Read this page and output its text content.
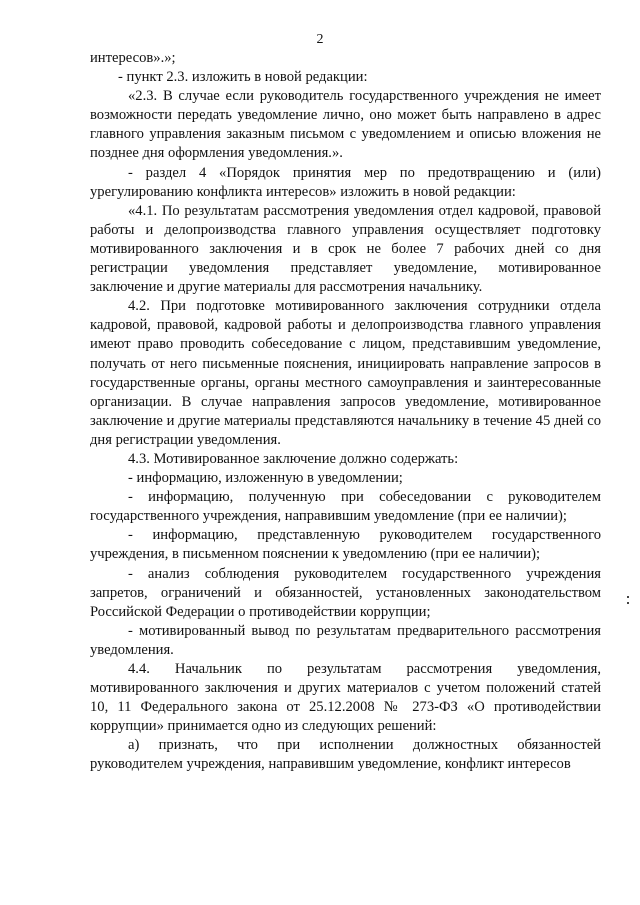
2

интересов».»;

- пункт 2.3. изложить в новой редакции:

«2.3. В случае если руководитель государственного учреждения не имеет возможности передать уведомление лично, оно может быть направлено в адрес главного управления заказным письмом с уведомлением и описью вложения не позднее дня оформления уведомления.».

- раздел 4 «Порядок принятия мер по предотвращению и (или) урегулированию конфликта интересов» изложить в новой редакции:

«4.1. По результатам рассмотрения уведомления отдел кадровой, правовой работы и делопроизводства главного управления осуществляет подготовку мотивированного заключения и в срок не более 7 рабочих дней со дня регистрации уведомления представляет уведомление, мотивированное заключение и другие материалы для рассмотрения начальнику.

4.2. При подготовке мотивированного заключения сотрудники отдела кадровой, правовой, кадровой работы и делопроизводства главного управления имеют право проводить собеседование с лицом, представившим уведомление, получать от него письменные пояснения, инициировать направление запросов в государственные органы, органы местного самоуправления и заинтересованные организации. В случае направления запросов уведомление, мотивированное заключение и другие материалы представляются начальнику в течение 45 дней со дня регистрации уведомления.

4.3. Мотивированное заключение должно содержать:

- информацию, изложенную в уведомлении;

- информацию, полученную при собеседовании с руководителем государственного учреждения, направившим уведомление (при ее наличии);

- информацию, представленную руководителем государственного учреждения, в письменном пояснении к уведомлению (при ее наличии);

- анализ соблюдения руководителем государственного учреждения запретов, ограничений и обязанностей, установленных законодательством Российской Федерации о противодействии коррупции;

- мотивированный вывод по результатам предварительного рассмотрения уведомления.

4.4. Начальник по результатам рассмотрения уведомления, мотивированного заключения и других материалов с учетом положений статей 10, 11 Федерального закона от 25.12.2008 № 273-ФЗ «О противодействии коррупции» принимается одно из следующих решений:

а) признать, что при исполнении должностных обязанностей руководителем учреждения, направившим уведомление, конфликт интересов
